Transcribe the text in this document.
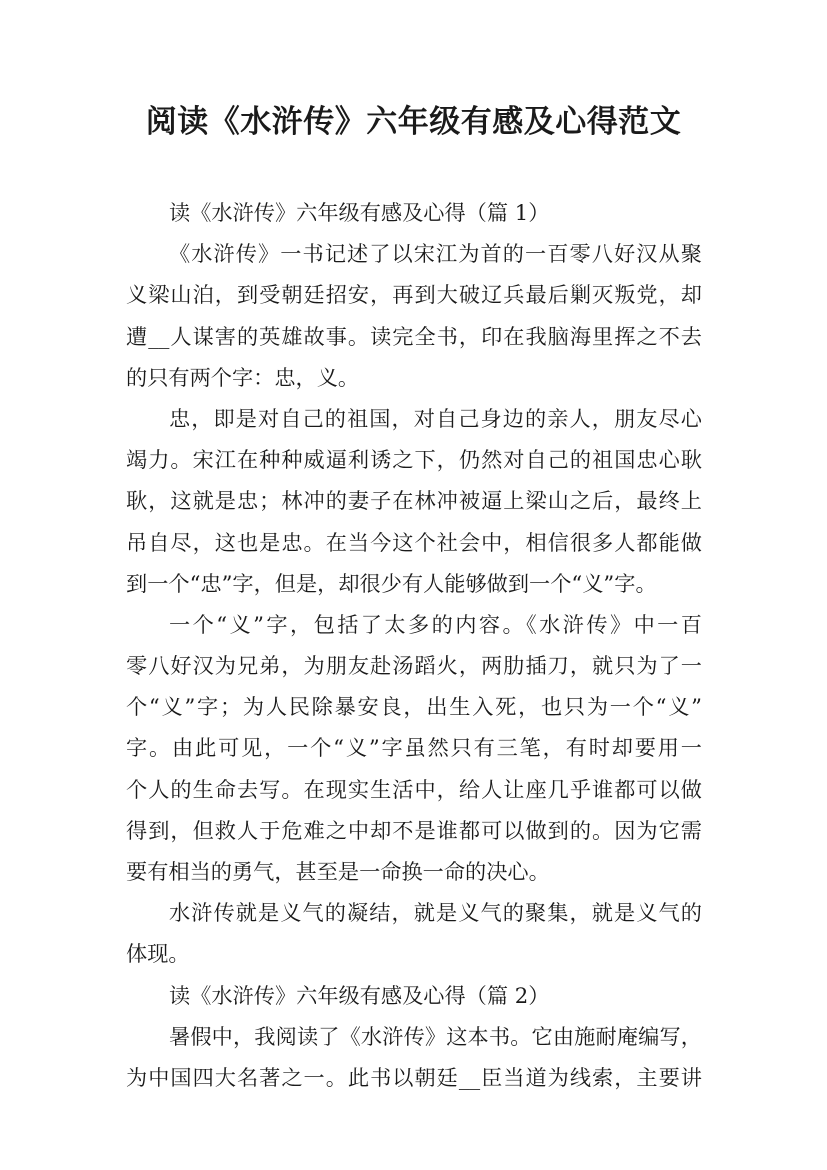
阅读《水浒传》六年级有感及心得范文
读《水浒传》六年级有感及心得（篇 1）
《水浒传》一书记述了以宋江为首的一百零八好汉从聚
义梁山泊，到受朝廷招安，再到大破辽兵最后剿灭叛党，却
遭__人谋害的英雄故事。读完全书，印在我脑海里挥之不去
的只有两个字：忠，义。
忠，即是对自己的祖国，对自己身边的亲人，朋友尽心
竭力。宋江在种种威逼利诱之下，仍然对自己的祖国忠心耿
耿，这就是忠；林冲的妻子在林冲被逼上梁山之后，最终上
吊自尽，这也是忠。在当今这个社会中，相信很多人都能做
到一个“忠”字，但是，却很少有人能够做到一个“义”字。
一个“义”字，包括了太多的内容。《水浒传》中一百
零八好汉为兄弟，为朋友赴汤蹈火，两肋插刀，就只为了一
个“义”字；为人民除暴安良，出生入死，也只为一个“义”
字。由此可见，一个“义”字虽然只有三笔，有时却要用一
个人的生命去写。在现实生活中，给人让座几乎谁都可以做
得到，但救人于危难之中却不是谁都可以做到的。因为它需
要有相当的勇气，甚至是一命换一命的决心。
水浒传就是义气的凝结，就是义气的聚集，就是义气的
体现。
读《水浒传》六年级有感及心得（篇 2）
暑假中，我阅读了《水浒传》这本书。它由施耐庵编写，
为中国四大名著之一。此书以朝廷__臣当道为线索，主要讲
